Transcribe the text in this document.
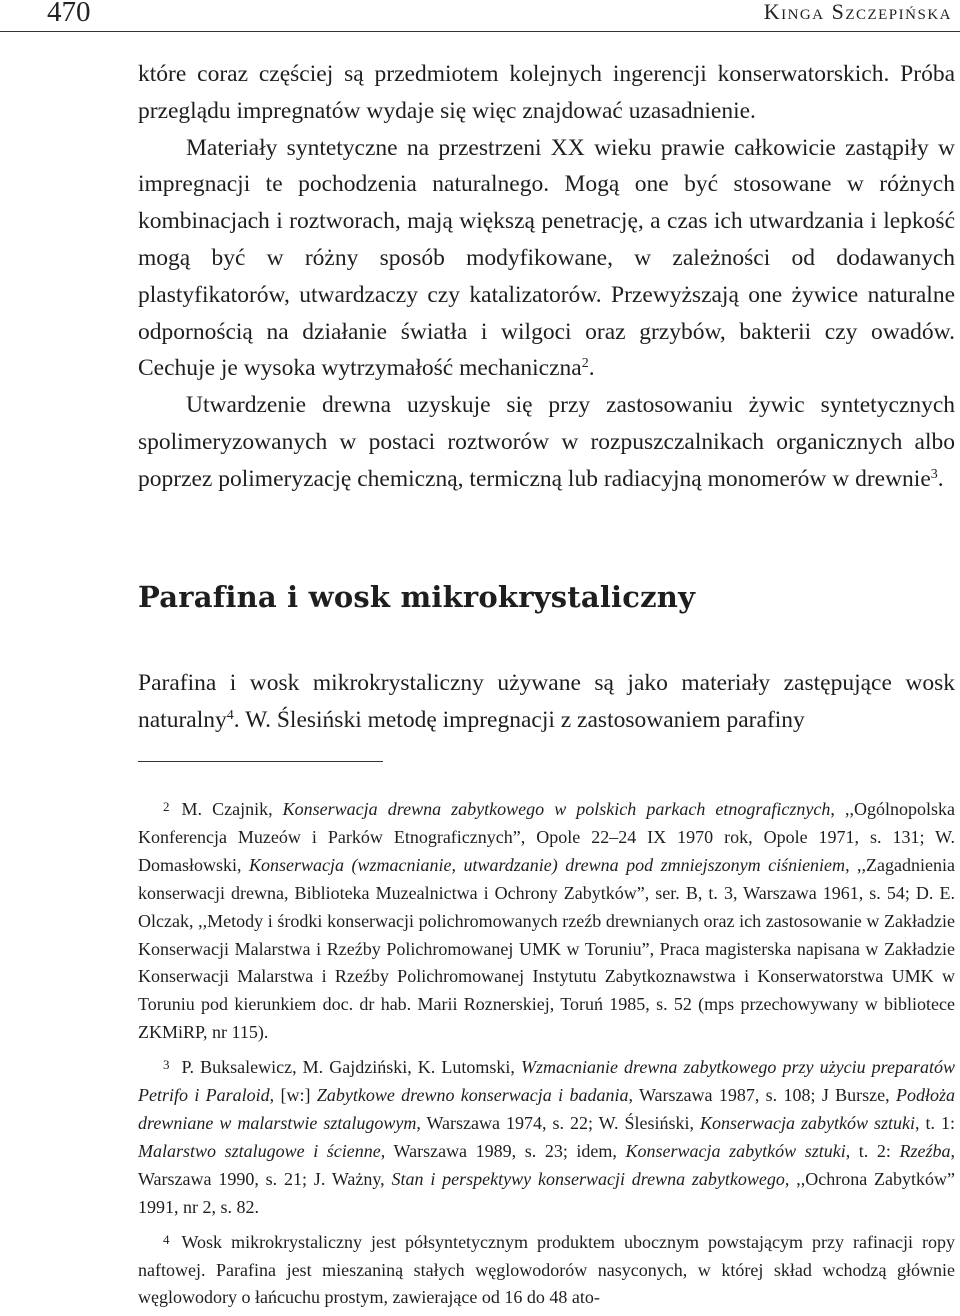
470	Kinga Szczepińska

które coraz częściej są przedmiotem kolejnych ingerencji konserwatorskich. Próba przeglądu impregnatów wydaje się więc znajdować uzasadnienie.

Materiały syntetyczne na przestrzeni XX wieku prawie całkowicie zastąpiły w impregnacji te pochodzenia naturalnego. Mogą one być stosowane w różnych kombinacjach i roztworach, mają większą penetrację, a czas ich utwardzania i lepkość mogą być w różny sposób modyfikowane, w zależności od dodawanych plastyfikatorów, utwardzaczy czy katalizatorów. Przewyższają one żywice naturalne odpornością na działanie światła i wilgoci oraz grzybów, bakterii czy owadów. Cechuje je wysoka wytrzymałość mechaniczna$^2$.

Utwardzenie drewna uzyskuje się przy zastosowaniu żywic syntetycznych spolimeryzowanych w postaci roztworów w rozpuszczalnikach organicznych albo poprzez polimeryzację chemiczną, termiczną lub radiacyjną monomerów w drewnie$^3$.

Parafina i wosk mikrokrystaliczny

Parafina i wosk mikrokrystaliczny używane są jako materiały zastępujące wosk naturalny$^4$. W. Ślesiński metodę impregnacji z zastosowaniem parafiny

$^2$ M. Czajnik, Konserwacja drewna zabytkowego w polskich parkach etnograficznych, ,,Ogólnopolska Konferencja Muzeów i Parków Etnograficznych”, Opole 22–24 IX 1970 rok, Opole 1971, s. 131; W. Domasłowski, Konserwacja (wzmacnianie, utwardzanie) drewna pod zmniejszonym ciśnieniem, ,,Zagadnienia konserwacji drewna, Biblioteka Muzealnictwa i Ochrony Zabytków”, ser. B, t. 3, Warszawa 1961, s. 54; D. E. Olczak, ,,Metody i środki konserwacji polichromowanych rzeźb drewnianych oraz ich zastosowanie w Zakładzie Konserwacji Malarstwa i Rzeźby Polichromowanej UMK w Toruniu”, Praca magisterska napisana w Zakładzie Konserwacji Malarstwa i Rzeźby Polichromowanej Instytutu Zabytkoznawstwa i Konserwatorstwa UMK w Toruniu pod kierunkiem doc. dr hab. Marii Roznerskiej, Toruń 1985, s. 52 (mps przechowywany w bibliotece ZKMiRP, nr 115).

$^3$ P. Buksalewicz, M. Gajdziński, K. Lutomski, Wzmacnianie drewna zabytkowego przy użyciu preparatów Petrifo i Paraloid, [w:] Zabytkowe drewno konserwacja i badania, Warszawa 1987, s. 108; J Bursze, Podłoża drewniane w malarstwie sztalugowym, Warszawa 1974, s. 22; W. Ślesiński, Konserwacja zabytków sztuki, t. 1: Malarstwo sztalugowe i ścienne, Warszawa 1989, s. 23; idem, Konserwacja zabytków sztuki, t. 2: Rzeźba, Warszawa 1990, s. 21; J. Ważny, Stan i perspektywy konserwacji drewna zabytkowego, ,,Ochrona Zabytków” 1991, nr 2, s. 82.

$^4$ Wosk mikrokrystaliczny jest półsyntetycznym produktem ubocznym powstającym przy rafinacji ropy naftowej. Parafina jest mieszaniną stałych węglowodorów nasyconych, w której skład wchodzą głównie węglowodory o łańcuchu prostym, zawierające od 16 do 48 ato-
